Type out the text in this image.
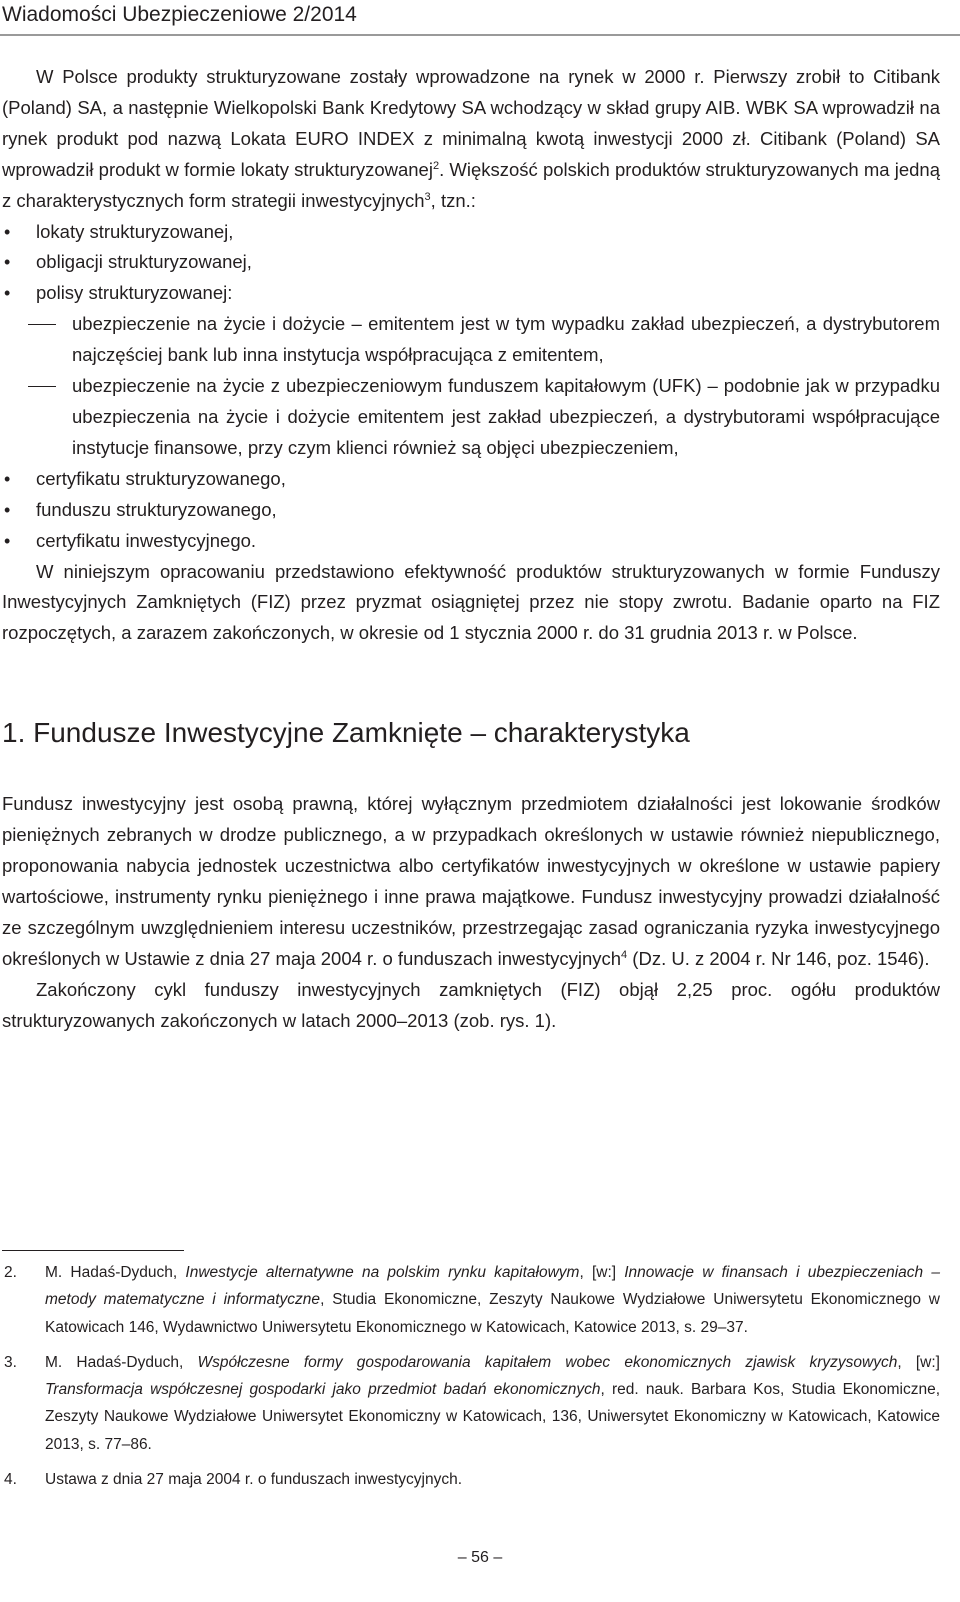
Wiadomości Ubezpieczeniowe 2/2014

W Polsce produkty strukturyzowane zostały wprowadzone na rynek w 2000 r. Pierwszy zrobił to Citibank (Poland) SA, a następnie Wielkopolski Bank Kredytowy SA wchodzący w skład grupy AIB. WBK SA wprowadził na rynek produkt pod nazwą Lokata EURO INDEX z minimalną kwotą inwestycji 2000 zł. Citibank (Poland) SA wprowadził produkt w formie lokaty strukturyzowanej$^2$. Większość polskich produktów strukturyzowanych ma jedną z charakterystycznych form strategii inwestycyjnych$^3$, tzn.:

• lokaty strukturyzowanej,
• obligacji strukturyzowanej,
• polisy strukturyzowanej:
ubezpieczenie na życie i dożycie – emitentem jest w tym wypadku zakład ubezpieczeń, a dystrybutorem najczęściej bank lub inna instytucja współpracująca z emitentem,
ubezpieczenie na życie z ubezpieczeniowym funduszem kapitałowym (UFK) – podobnie jak w przypadku ubezpieczenia na życie i dożycie emitentem jest zakład ubezpieczeń, a dystrybutorami współpracujące instytucje finansowe, przy czym klienci również są objęci ubezpieczeniem,
• certyfikatu strukturyzowanego,
• funduszu strukturyzowanego,
• certyfikatu inwestycyjnego.

W niniejszym opracowaniu przedstawiono efektywność produktów strukturyzowanych w formie Funduszy Inwestycyjnych Zamkniętych (FIZ) przez pryzmat osiągniętej przez nie stopy zwrotu. Badanie oparto na FIZ rozpoczętych, a zarazem zakończonych, w okresie od 1 stycznia 2000 r. do 31 grudnia 2013 r. w Polsce.

1. Fundusze Inwestycyjne Zamknięte – charakterystyka

Fundusz inwestycyjny jest osobą prawną, której wyłącznym przedmiotem działalności jest lokowanie środków pieniężnych zebranych w drodze publicznego, a w przypadkach określonych w ustawie również niepublicznego, proponowania nabycia jednostek uczestnictwa albo certyfikatów inwestycyjnych w określone w ustawie papiery wartościowe, instrumenty rynku pieniężnego i inne prawa majątkowe. Fundusz inwestycyjny prowadzi działalność ze szczególnym uwzględnieniem interesu uczestników, przestrzegając zasad ograniczania ryzyka inwestycyjnego określonych w Ustawie z dnia 27 maja 2004 r. o funduszach inwestycyjnych$^4$ (Dz. U. z 2004 r. Nr 146, poz. 1546).

Zakończony cykl funduszy inwestycyjnych zamkniętych (FIZ) objął 2,25 proc. ogółu produktów strukturyzowanych zakończonych w latach 2000–2013 (zob. rys. 1).

2. M. Hadaś-Dyduch, Inwestycje alternatywne na polskim rynku kapitałowym, [w:] Innowacje w finansach i ubezpieczeniach – metody matematyczne i informatyczne, Studia Ekonomiczne, Zeszyty Naukowe Wydziałowe Uniwersytetu Ekonomicznego w Katowicach 146, Wydawnictwo Uniwersytetu Ekonomicznego w Katowicach, Katowice 2013, s. 29–37.
3. M. Hadaś-Dyduch, Współczesne formy gospodarowania kapitałem wobec ekonomicznych zjawisk kryzysowych, [w:] Transformacja współczesnej gospodarki jako przedmiot badań ekonomicznych, red. nauk. Barbara Kos, Studia Ekonomiczne, Zeszyty Naukowe Wydziałowe Uniwersytet Ekonomiczny w Katowicach, 136, Uniwersytet Ekonomiczny w Katowicach, Katowice 2013, s. 77–86.
4. Ustawa z dnia 27 maja 2004 r. o funduszach inwestycyjnych.
– 56 –
